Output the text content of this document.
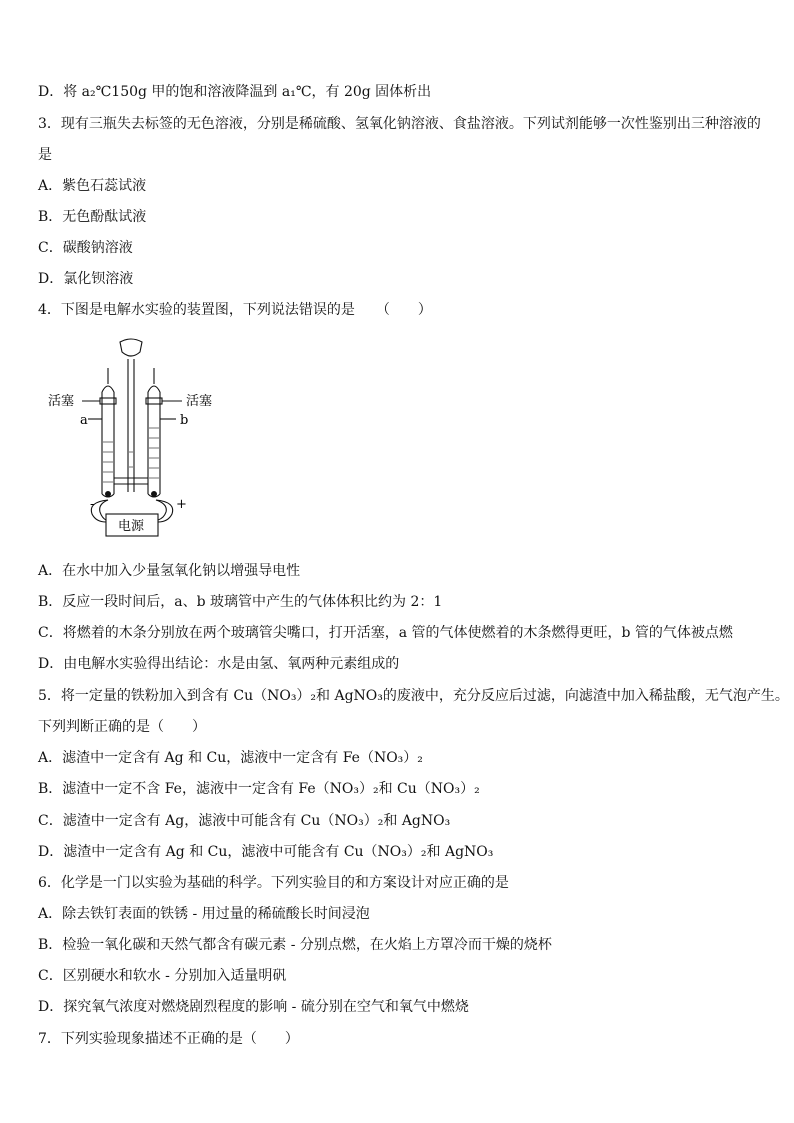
D．将 a₂℃150g 甲的饱和溶液降温到 a₁℃，有 20g 固体析出
3．现有三瓶失去标签的无色溶液，分别是稀硫酸、氢氧化钠溶液、食盐溶液。下列试剂能够一次性鉴别出三种溶液的
是
A．紫色石蕊试液
B．无色酚酞试液
C．碳酸钠溶液
D．氯化钡溶液
4．下图是电解水实验的装置图，下列说法错误的是　　（　　）
活塞	活塞
a	b
-	+
电源
A．在水中加入少量氢氧化钠以增强导电性
B．反应一段时间后，a、b 玻璃管中产生的气体体积比约为 2：1
C．将燃着的木条分别放在两个玻璃管尖嘴口，打开活塞，a 管的气体使燃着的木条燃得更旺，b 管的气体被点燃
D．由电解水实验得出结论：水是由氢、氧两种元素组成的
5．将一定量的铁粉加入到含有 Cu（NO₃）₂和 AgNO₃的废液中，充分反应后过滤，向滤渣中加入稀盐酸，无气泡产生。
下列判断正确的是（　　）
A．滤渣中一定含有 Ag 和 Cu，滤液中一定含有 Fe（NO₃）₂
B．滤渣中一定不含 Fe，滤液中一定含有 Fe（NO₃）₂和 Cu（NO₃）₂
C．滤渣中一定含有 Ag，滤液中可能含有 Cu（NO₃）₂和 AgNO₃
D．滤渣中一定含有 Ag 和 Cu，滤液中可能含有 Cu（NO₃）₂和 AgNO₃
6．化学是一门以实验为基础的科学。下列实验目的和方案设计对应正确的是
A．除去铁钉表面的铁锈 - 用过量的稀硫酸长时间浸泡
B．检验一氧化碳和天然气都含有碳元素 - 分别点燃，在火焰上方罩冷而干燥的烧杯
C．区别硬水和软水 - 分别加入适量明矾
D．探究氧气浓度对燃烧剧烈程度的影响 - 硫分别在空气和氧气中燃烧
7．下列实验现象描述不正确的是（　　）
